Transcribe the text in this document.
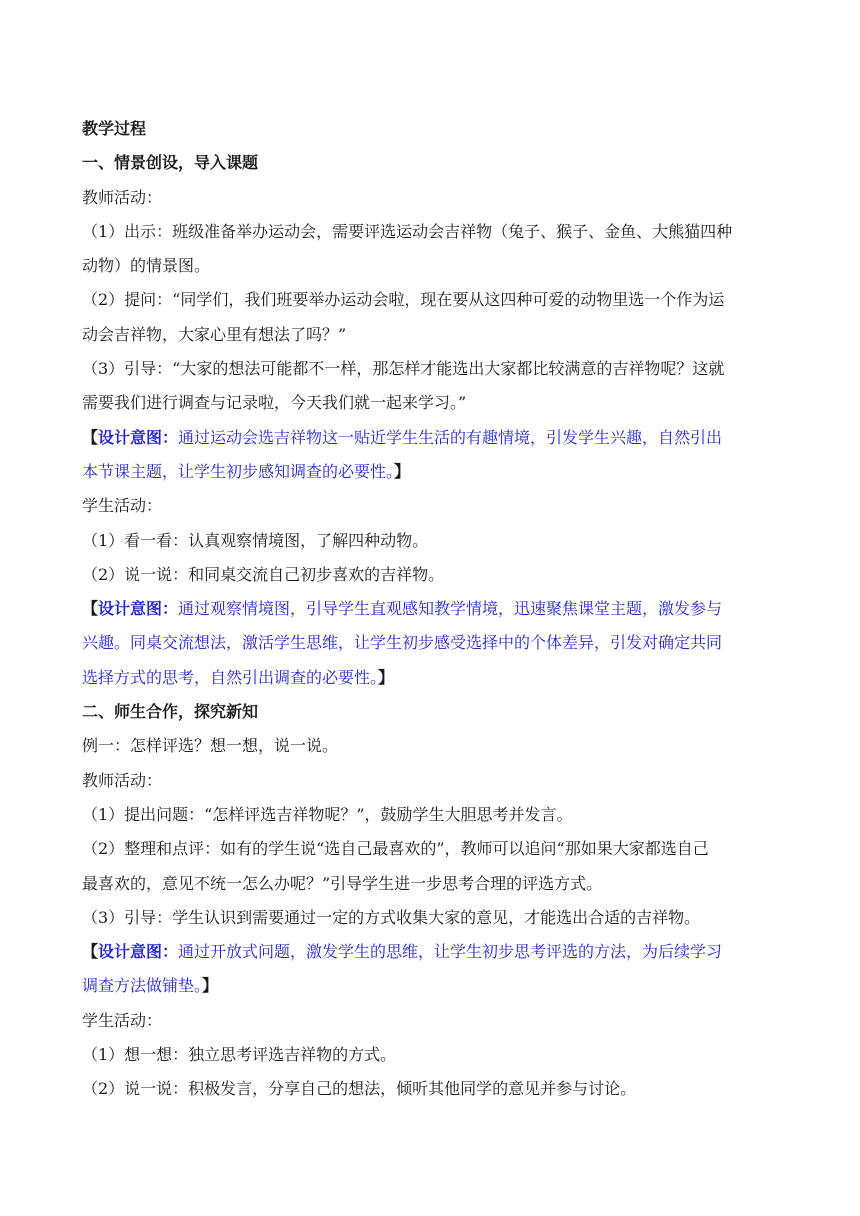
教学过程

一、情景创设，导入课题

教师活动：

（1）出示：班级准备举办运动会，需要评选运动会吉祥物（兔子、猴子、金鱼、大熊猫四种

动物）的情景图。

（2）提问：“同学们，我们班要举办运动会啦，现在要从这四种可爱的动物里选一个作为运

动会吉祥物，大家心里有想法了吗？”

（3）引导：“大家的想法可能都不一样，那怎样才能选出大家都比较满意的吉祥物呢？这就

需要我们进行调查与记录啦，今天我们就一起来学习。”

【设计意图：通过运动会选吉祥物这一贴近学生生活的有趣情境，引发学生兴趣，自然引出

本节课主题，让学生初步感知调查的必要性。】

学生活动：

（1）看一看：认真观察情境图，了解四种动物。

（2）说一说：和同桌交流自己初步喜欢的吉祥物。

【设计意图：通过观察情境图，引导学生直观感知教学情境，迅速聚焦课堂主题，激发参与

兴趣。同桌交流想法，激活学生思维，让学生初步感受选择中的个体差异，引发对确定共同

选择方式的思考，自然引出调查的必要性。】

二、师生合作，探究新知

例一：怎样评选？想一想，说一说。

教师活动：

（1）提出问题：“怎样评选吉祥物呢？”，鼓励学生大胆思考并发言。

（2）整理和点评：如有的学生说“选自己最喜欢的”，教师可以追问“那如果大家都选自己

最喜欢的，意见不统一怎么办呢？”引导学生进一步思考合理的评选方式。

（3）引导：学生认识到需要通过一定的方式收集大家的意见，才能选出合适的吉祥物。

【设计意图：通过开放式问题，激发学生的思维，让学生初步思考评选的方法，为后续学习

调查方法做铺垫。】

学生活动：

（1）想一想：独立思考评选吉祥物的方式。

（2）说一说：积极发言，分享自己的想法，倾听其他同学的意见并参与讨论。
